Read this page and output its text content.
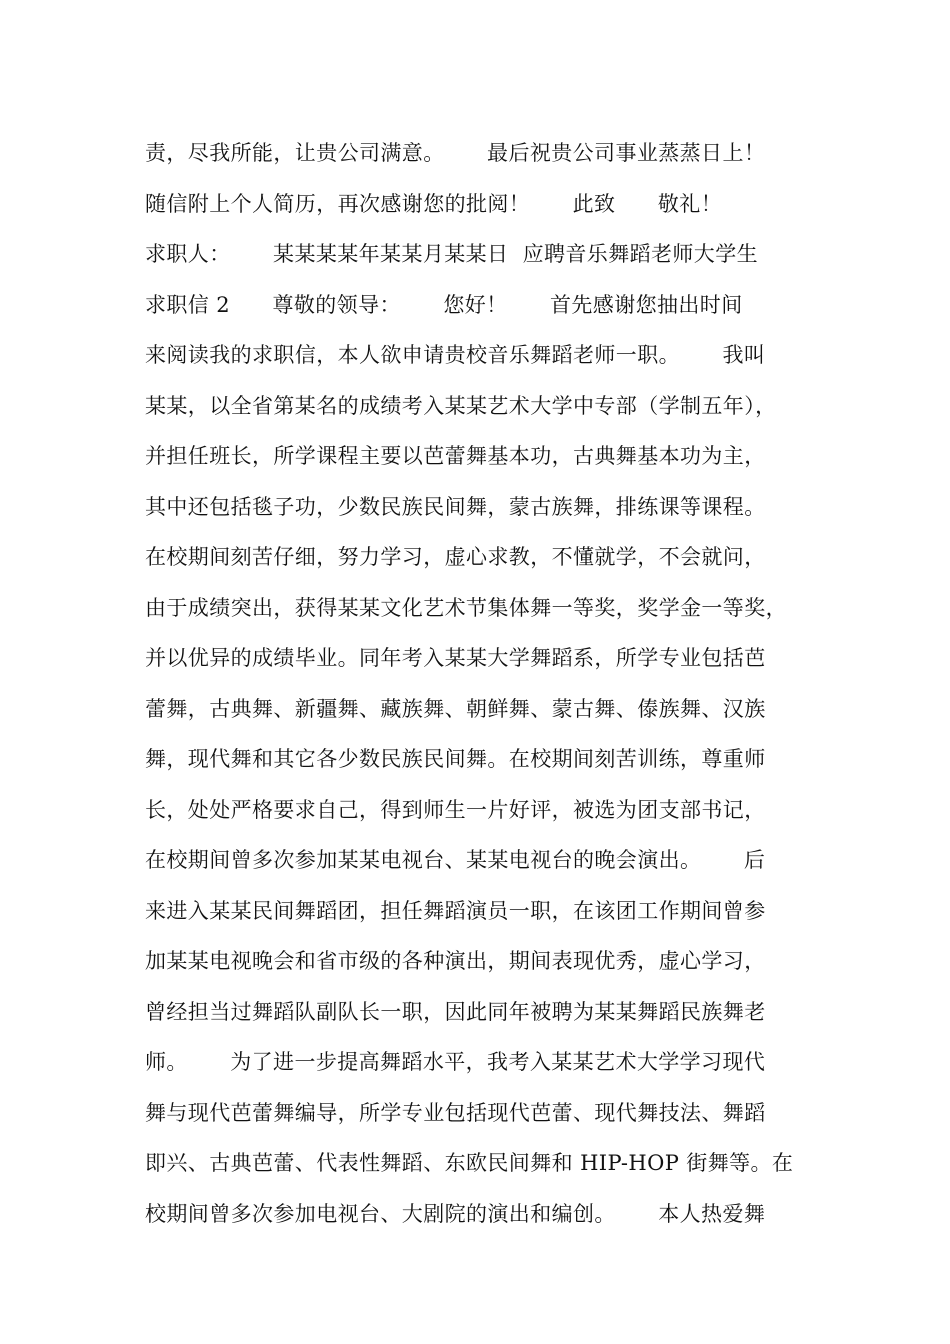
责，尽我所能，让贵公司满意。      最后祝贵公司事业蒸蒸日上！
随信附上个人简历，再次感谢您的批阅！      此致      敬礼！
求职人：      某某某某年某某月某某日  应聘音乐舞蹈老师大学生
求职信 2      尊敬的领导：      您好！      首先感谢您抽出时间
来阅读我的求职信，本人欲申请贵校音乐舞蹈老师一职。      我叫
某某，以全省第某名的成绩考入某某艺术大学中专部（学制五年），
并担任班长，所学课程主要以芭蕾舞基本功，古典舞基本功为主，
其中还包括毯子功，少数民族民间舞，蒙古族舞，排练课等课程。
在校期间刻苦仔细，努力学习，虚心求教，不懂就学，不会就问，
由于成绩突出，获得某某文化艺术节集体舞一等奖，奖学金一等奖，
并以优异的成绩毕业。同年考入某某大学舞蹈系，所学专业包括芭
蕾舞，古典舞、新疆舞、藏族舞、朝鲜舞、蒙古舞、傣族舞、汉族
舞，现代舞和其它各少数民族民间舞。在校期间刻苦训练，尊重师
长，处处严格要求自己，得到师生一片好评，被选为团支部书记，
在校期间曾多次参加某某电视台、某某电视台的晚会演出。      后
来进入某某民间舞蹈团，担任舞蹈演员一职，在该团工作期间曾参
加某某电视晚会和省市级的各种演出，期间表现优秀，虚心学习，
曾经担当过舞蹈队副队长一职，因此同年被聘为某某舞蹈民族舞老
师。      为了进一步提高舞蹈水平，我考入某某艺术大学学习现代
舞与现代芭蕾舞编导，所学专业包括现代芭蕾、现代舞技法、舞蹈
即兴、古典芭蕾、代表性舞蹈、东欧民间舞和 HIP-HOP 街舞等。在
校期间曾多次参加电视台、大剧院的演出和编创。      本人热爱舞
